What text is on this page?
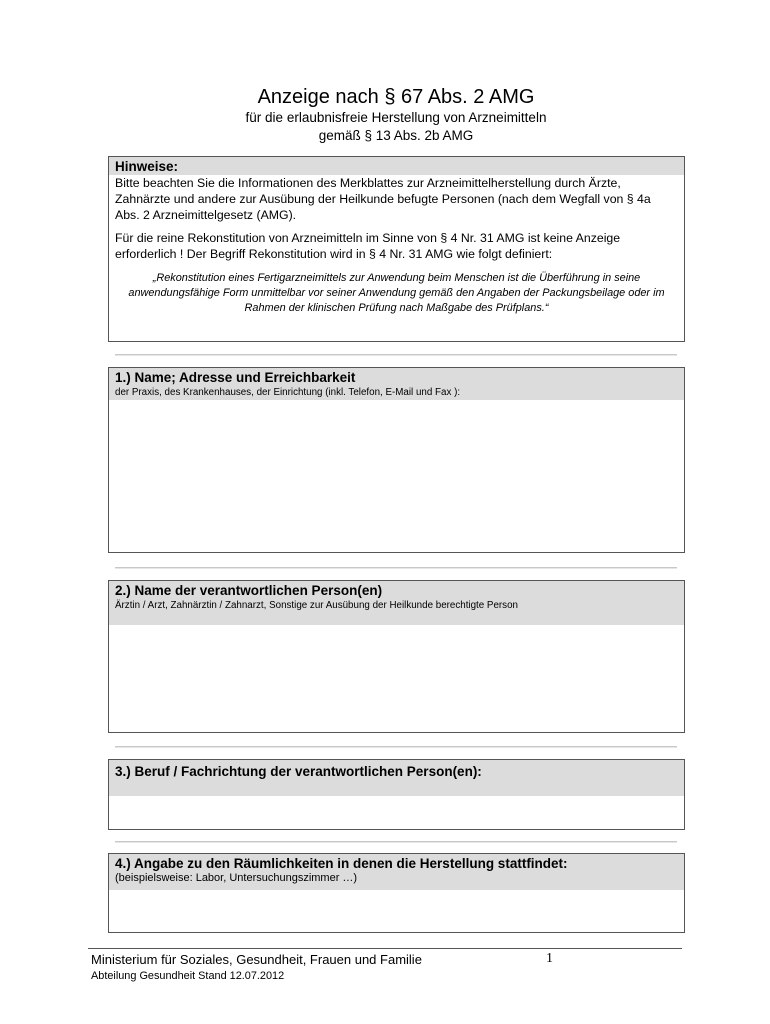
Anzeige nach § 67 Abs. 2 AMG
für die erlaubnisfreie Herstellung von Arzneimitteln
gemäß § 13 Abs. 2b AMG
Hinweise:

Bitte beachten Sie die Informationen des Merkblattes zur Arzneimittelherstellung durch Ärzte, Zahnärzte und andere zur Ausübung der Heilkunde befugte Personen (nach dem Wegfall von § 4a Abs. 2 Arzneimittelgesetz (AMG).

Für die reine Rekonstitution von Arzneimitteln im Sinne von § 4 Nr. 31 AMG ist keine Anzeige erforderlich ! Der Begriff Rekonstitution wird in § 4 Nr. 31 AMG wie folgt definiert:

„Rekonstitution eines Fertigarzneimittels zur Anwendung beim Menschen ist die Überführung in seine anwendungsfähige Form unmittelbar vor seiner Anwendung gemäß den Angaben der Packungsbeilage oder im Rahmen der klinischen Prüfung nach Maßgabe des Prüfplans.“

1.) Name; Adresse und Erreichbarkeit
der Praxis, des Krankenhauses, der Einrichtung (inkl. Telefon, E-Mail und Fax ):
2.) Name der verantwortlichen Person(en)
Ärztin / Arzt, Zahnärztin / Zahnarzt, Sonstige zur Ausübung der Heilkunde berechtigte Person
3.) Beruf / Fachrichtung der verantwortlichen Person(en):
4.) Angabe zu den Räumlichkeiten in denen die Herstellung stattfindet:
(beispielsweise: Labor, Untersuchungszimmer …)
Ministerium für Soziales, Gesundheit, Frauen und Familie	1
Abteilung Gesundheit Stand 12.07.2012
